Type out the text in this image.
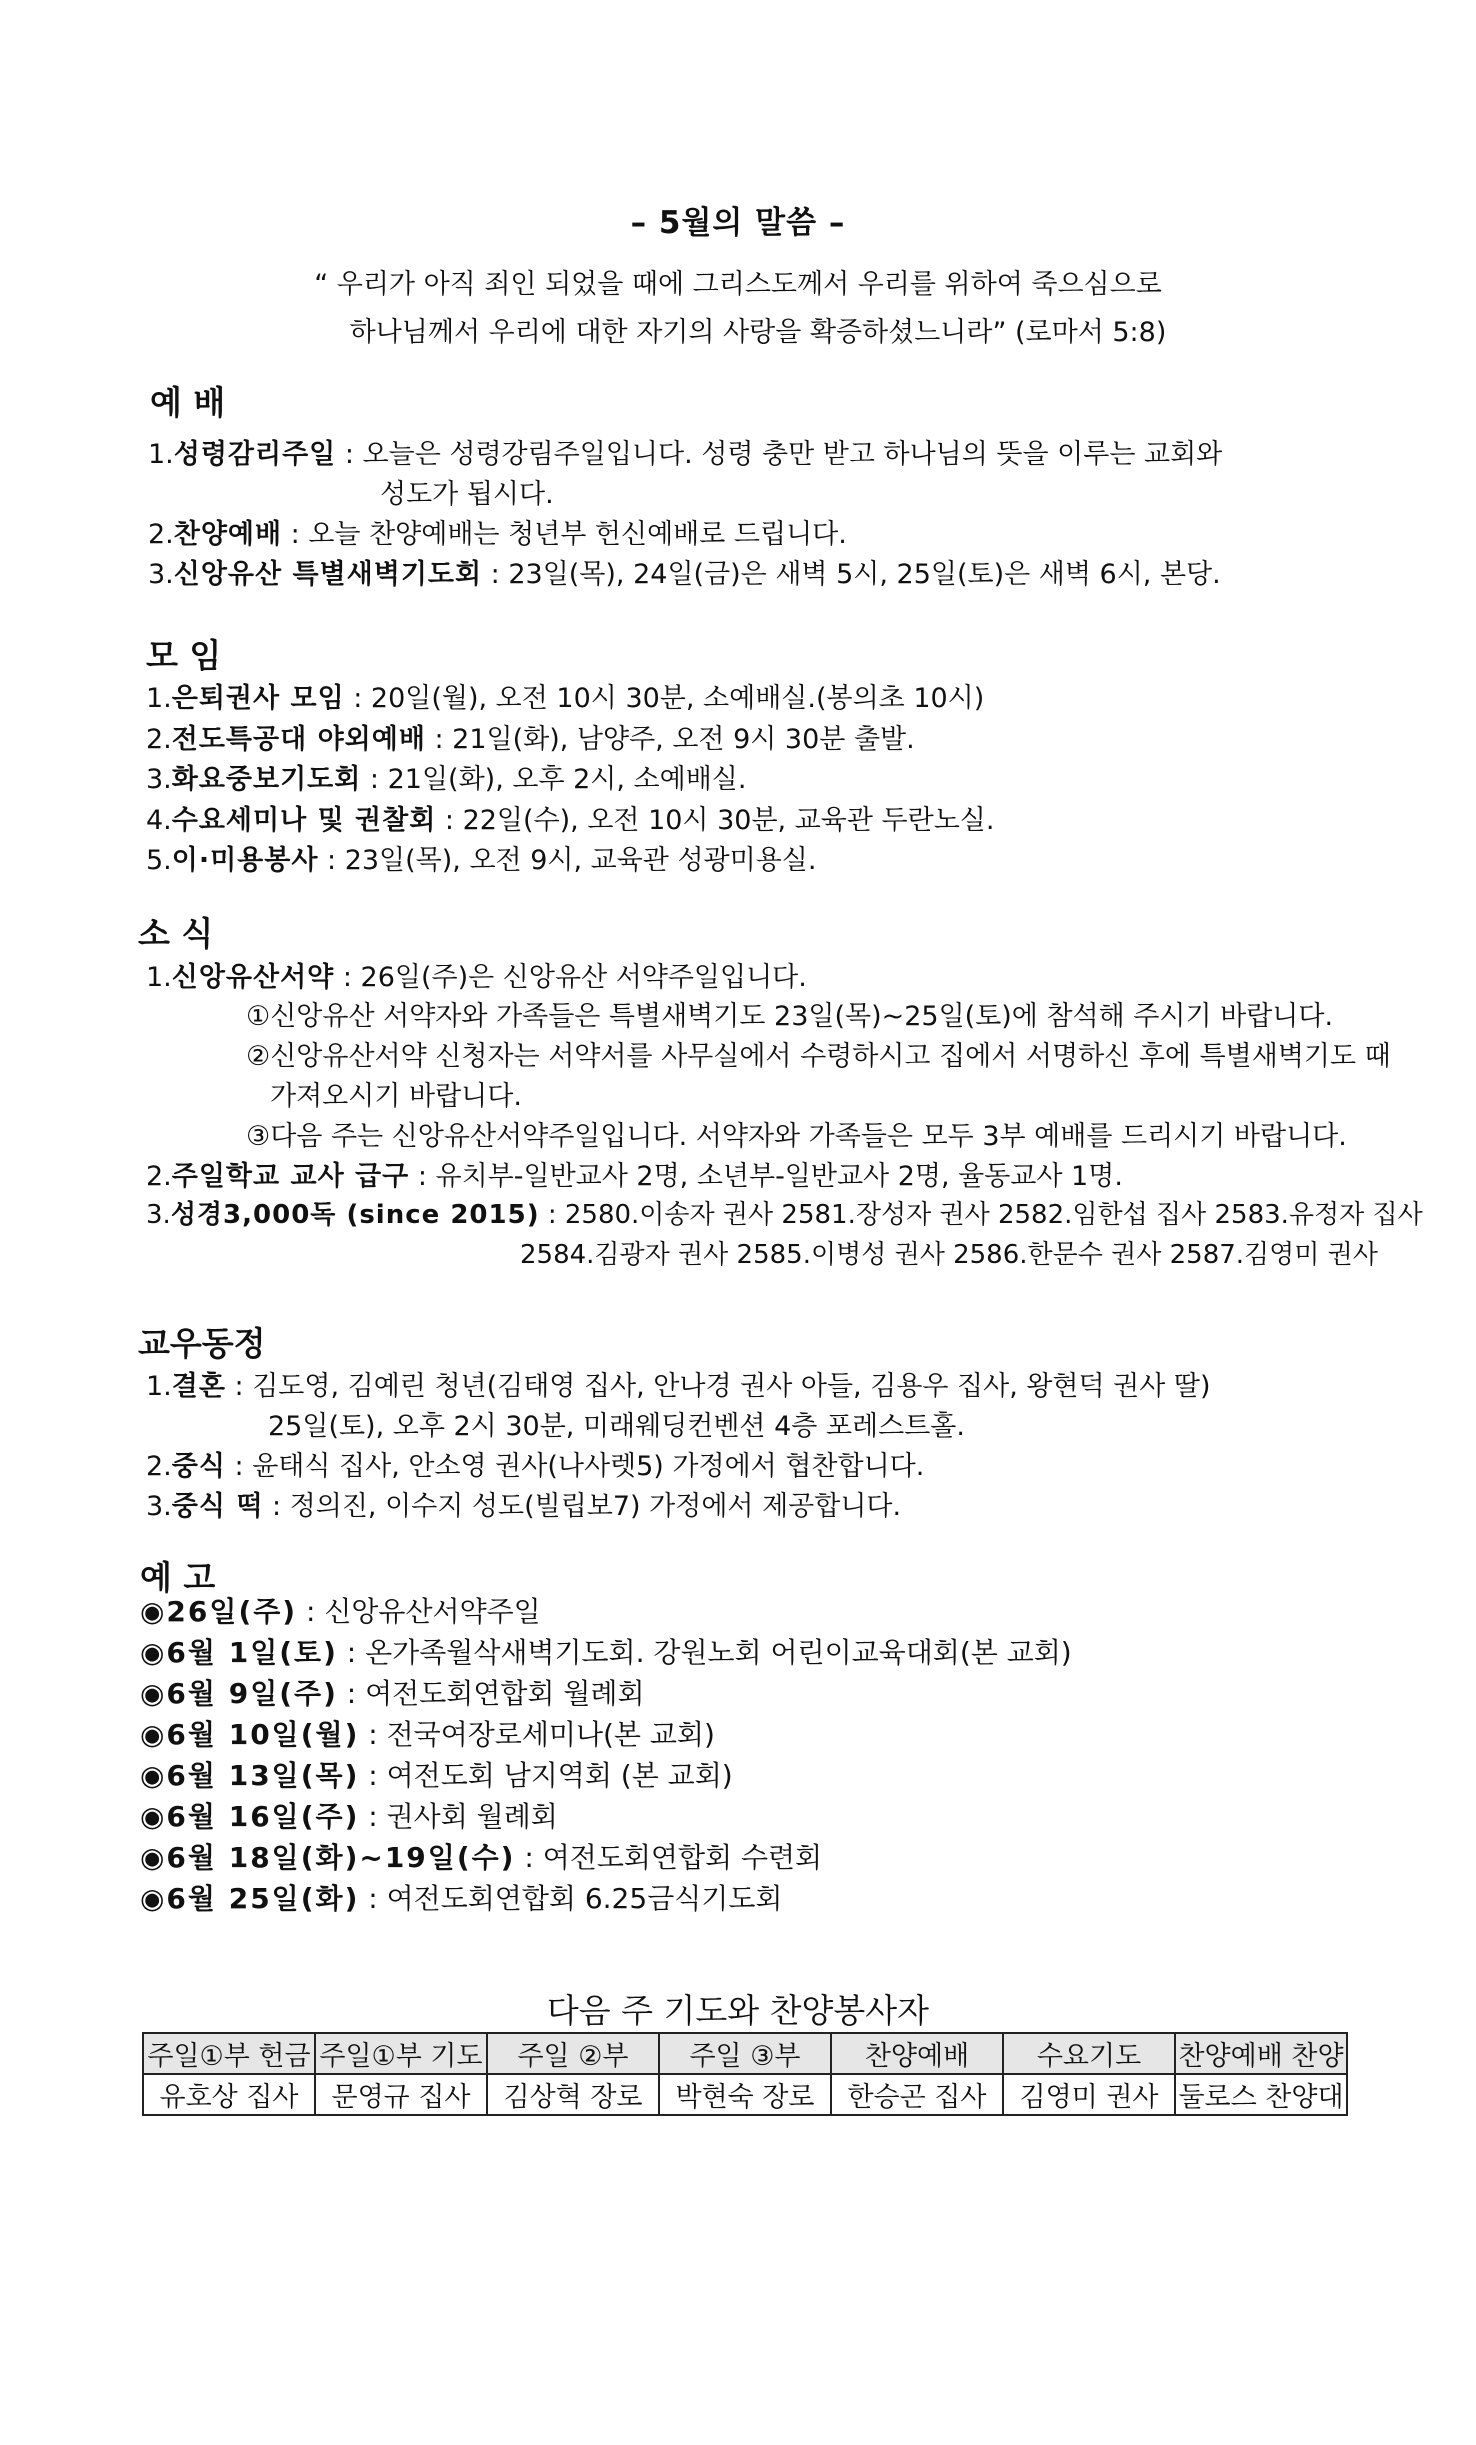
– 5월의 말씀 –
“ 우리가 아직 죄인 되었을 때에 그리스도께서 우리를 위하여 죽으심으로
하나님께서 우리에 대한 자기의 사랑을 확증하셨느니라” (로마서 5:8)
예 배
1.성령감리주일 : 오늘은 성령강림주일입니다. 성령 충만 받고 하나님의 뜻을 이루는 교회와
성도가 됩시다.
2.찬양예배 : 오늘 찬양예배는 청년부 헌신예배로 드립니다.
3.신앙유산 특별새벽기도회 : 23일(목), 24일(금)은 새벽 5시, 25일(토)은 새벽 6시, 본당.
모 임
1.은퇴권사 모임 : 20일(월), 오전 10시 30분, 소예배실.(봉의초 10시)
2.전도특공대 야외예배 : 21일(화), 남양주, 오전 9시 30분 출발.
3.화요중보기도회 : 21일(화), 오후 2시, 소예배실.
4.수요세미나 및 권찰회 : 22일(수), 오전 10시 30분, 교육관 두란노실.
5.이·미용봉사 : 23일(목), 오전 9시, 교육관 성광미용실.
소 식
1.신앙유산서약 : 26일(주)은 신앙유산 서약주일입니다.
①신앙유산 서약자와 가족들은 특별새벽기도 23일(목)~25일(토)에 참석해 주시기 바랍니다.
②신앙유산서약 신청자는 서약서를 사무실에서 수령하시고 집에서 서명하신 후에 특별새벽기도 때
가져오시기 바랍니다.
③다음 주는 신앙유산서약주일입니다. 서약자와 가족들은 모두 3부 예배를 드리시기 바랍니다.
2.주일학교 교사 급구 : 유치부-일반교사 2명, 소년부-일반교사 2명, 율동교사 1명.
3.성경3,000독 (since 2015) : 2580.이송자 권사 2581.장성자 권사 2582.임한섭 집사 2583.유정자 집사
2584.김광자 권사 2585.이병성 권사 2586.한문수 권사 2587.김영미 권사
교우동정
1.결혼 : 김도영, 김예린 청년(김태영 집사, 안나경 권사 아들, 김용우 집사, 왕현덕 권사 딸)
25일(토), 오후 2시 30분, 미래웨딩컨벤션 4층 포레스트홀.
2.중식 : 윤태식 집사, 안소영 권사(나사렛5) 가정에서 협찬합니다.
3.중식 떡 : 정의진, 이수지 성도(빌립보7) 가정에서 제공합니다.
예 고
◉26일(주) : 신앙유산서약주일
◉6월 1일(토) : 온가족월삭새벽기도회. 강원노회 어린이교육대회(본 교회)
◉6월 9일(주) : 여전도회연합회 월례회
◉6월 10일(월) : 전국여장로세미나(본 교회)
◉6월 13일(목) : 여전도회 남지역회 (본 교회)
◉6월 16일(주) : 권사회 월례회
◉6월 18일(화)~19일(수) : 여전도회연합회 수련회
◉6월 25일(화) : 여전도회연합회 6.25금식기도회
다음 주 기도와 찬양봉사자
주일①부 헌금	주일①부 기도	주일 ②부	주일 ③부	찬양예배	수요기도	찬양예배 찬양
유호상 집사	문영규 집사	김상혁 장로	박현숙 장로	한승곤 집사	김영미 권사	둘로스 찬양대
